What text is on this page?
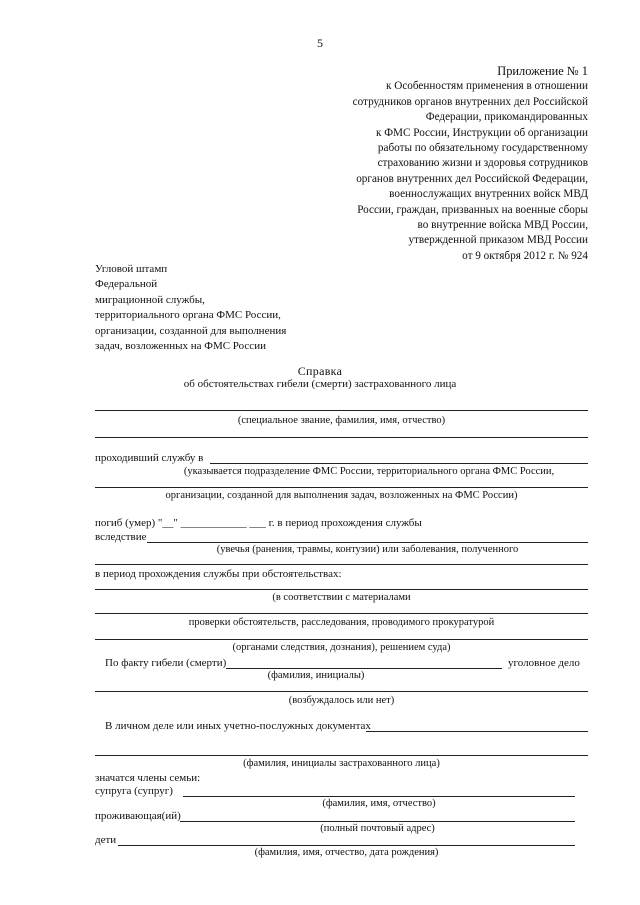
5
Приложение № 1
к Особенностям применения в отношении
сотрудников органов внутренних дел Российской
Федерации, прикомандированных
к ФМС России, Инструкции об организации
работы по обязательному государственному
страхованию жизни и здоровья сотрудников
органов внутренних дел Российской Федерации,
военнослужащих внутренних войск МВД
России, граждан, призванных на военные сборы
во внутренние войска МВД России,
утвержденной приказом МВД России
от 9 октября 2012 г. № 924
Угловой штамп
Федеральной
миграционной службы,
территориального органа ФМС России,
организации, созданной для выполнения
задач, возложенных на ФМС России
Справка
об обстоятельствах гибели (смерти) застрахованного лица
(специальное звание, фамилия, имя, отчество)
проходивший службу в
(указывается подразделение ФМС России, территориального органа ФМС России,
организации, созданной для выполнения задач, возложенных на ФМС России)
погиб (умер) "__" ____________ ___ г. в период прохождения службы
вследствие
(увечья (ранения, травмы, контузии) или заболевания, полученного
в период прохождения службы при обстоятельствах:
(в соответствии с материалами
проверки обстоятельств, расследования, проводимого прокуратурой
(органами следствия, дознания), решением суда)
По факту гибели (смерти)	уголовное дело
(фамилия, инициалы)
(возбуждалось или нет)
В личном деле или иных учетно-послужных документах
(фамилия, инициалы застрахованного лица)
значатся члены семьи:
супруга (супруг)
(фамилия, имя, отчество)
проживающая(ий)
(полный почтовый адрес)
дети
(фамилия, имя, отчество, дата рождения)
